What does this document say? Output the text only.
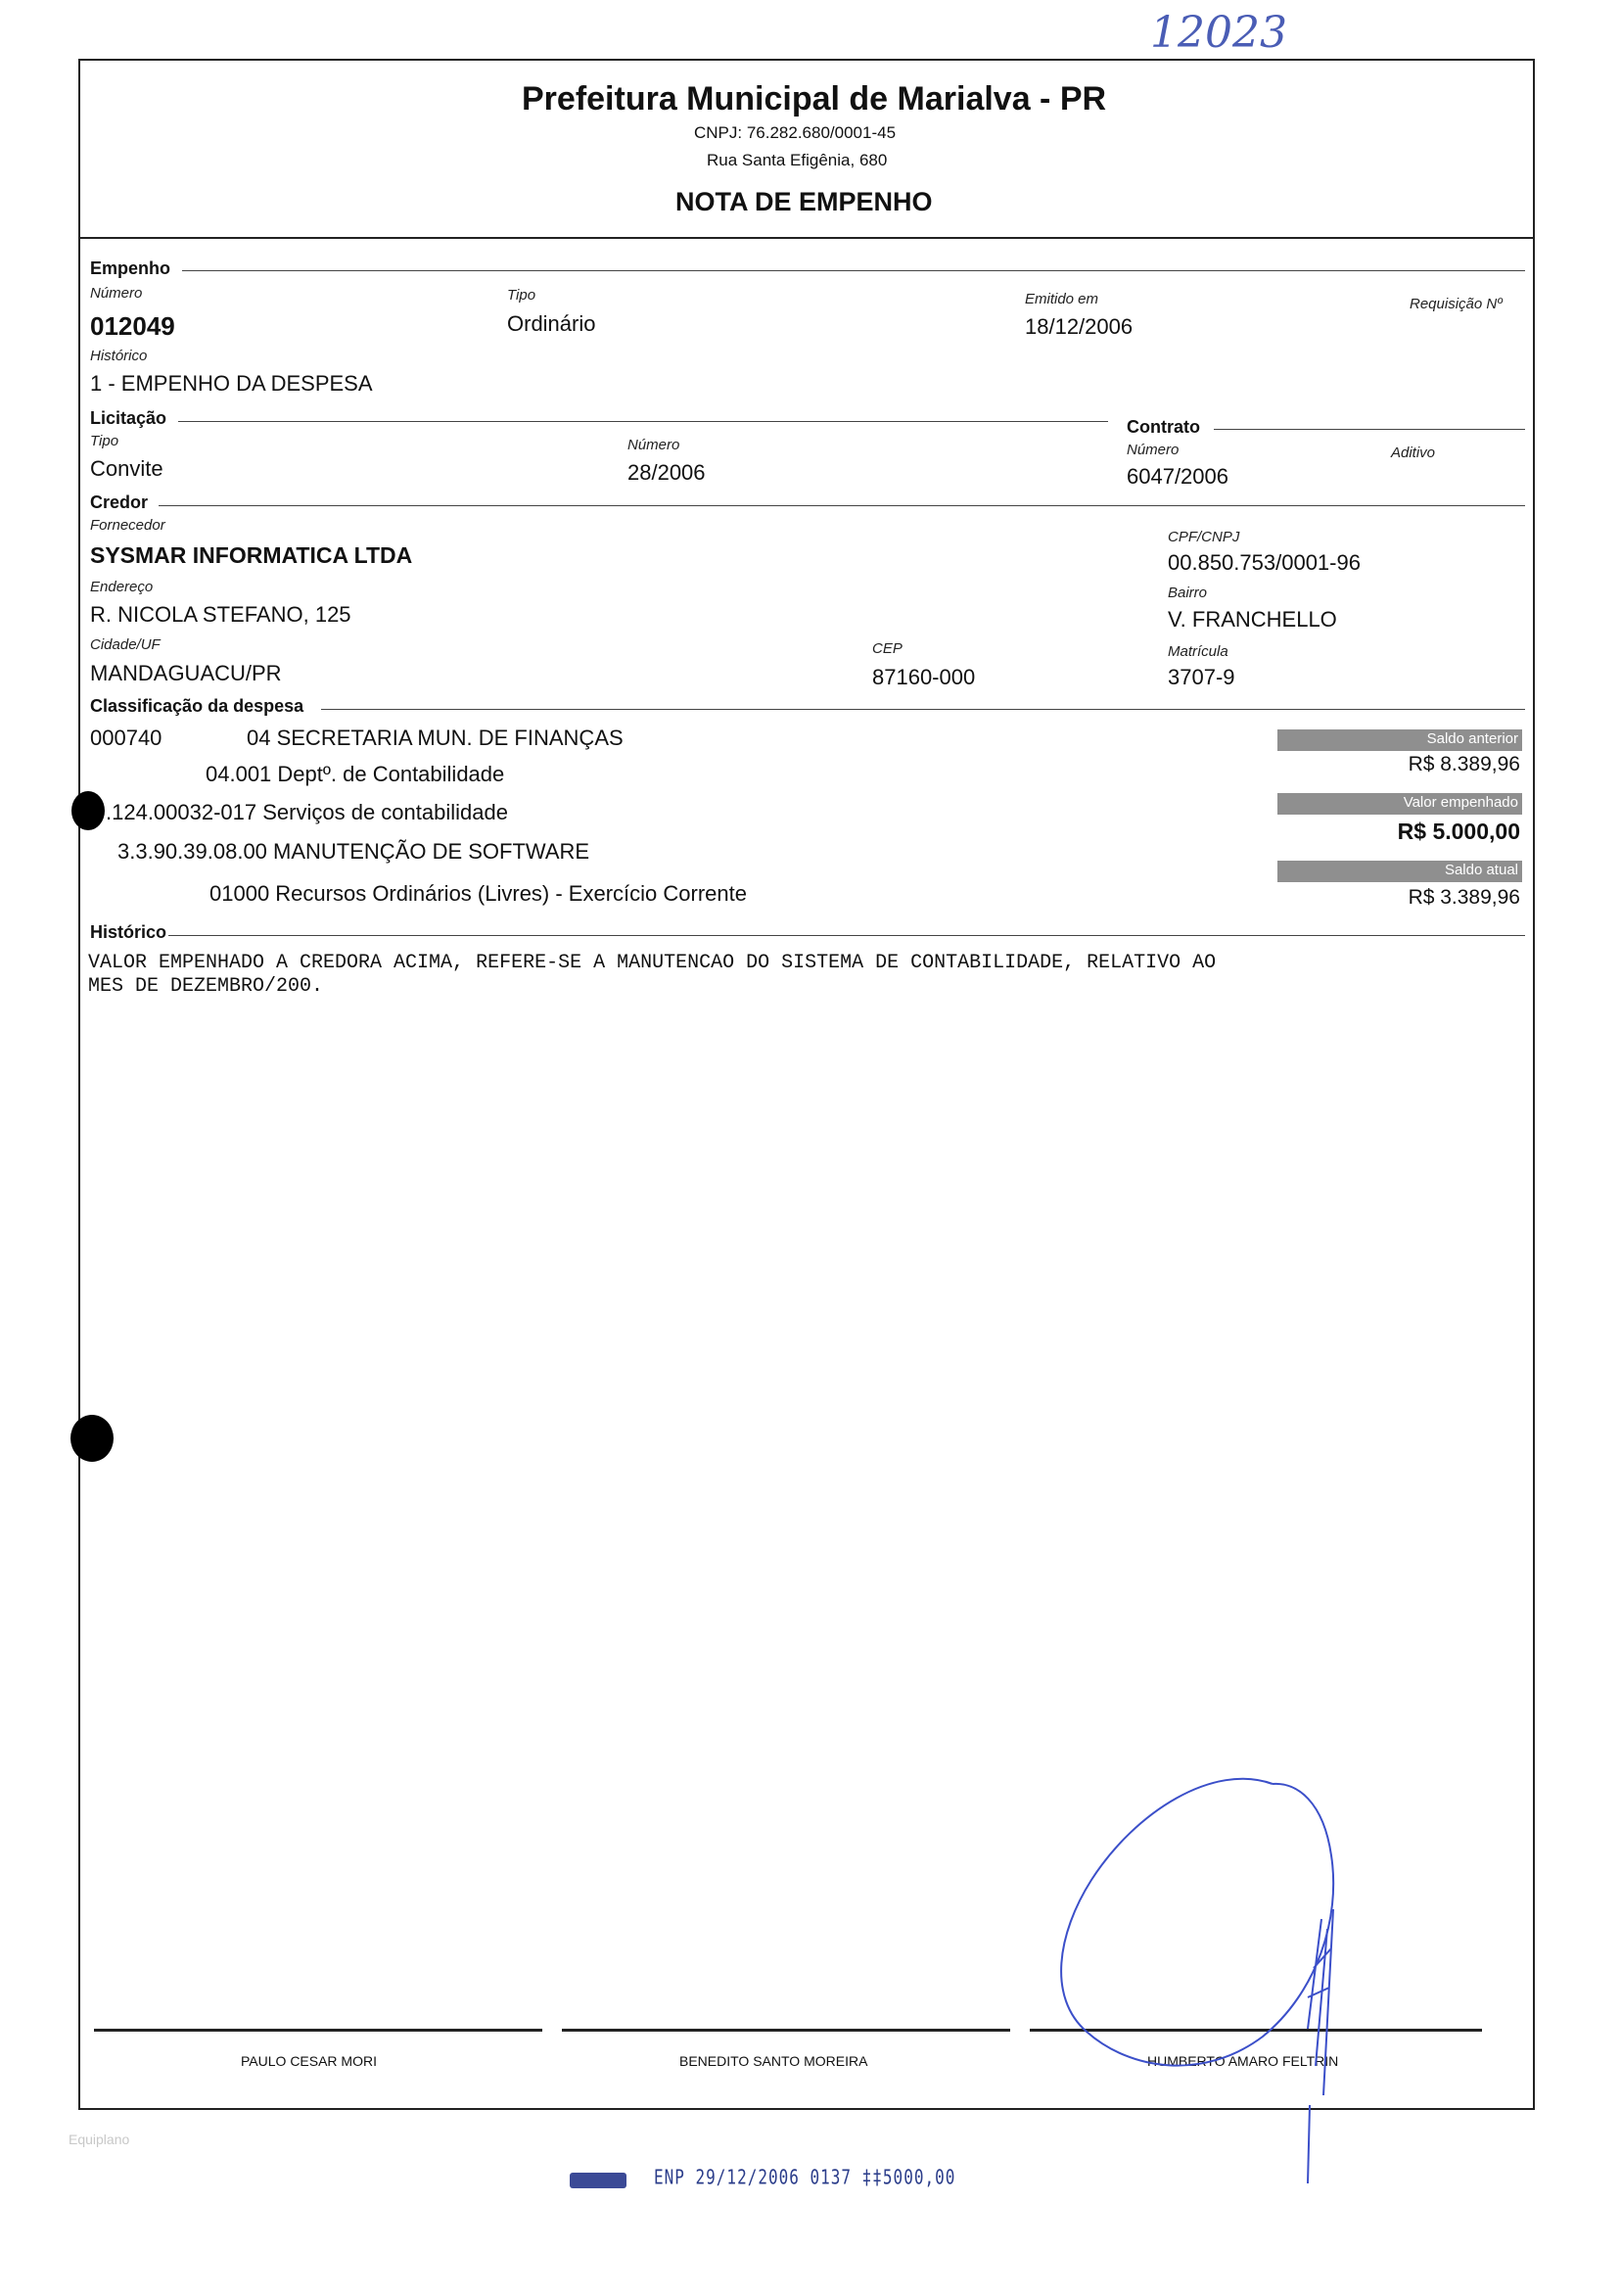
12023
Prefeitura Municipal de Marialva - PR
CNPJ: 76.282.680/0001-45
Rua Santa Efigênia, 680
NOTA DE EMPENHO
Empenho
Número
012049
Tipo
Ordinário
Emitido em
18/12/2006
Requisição Nº
Histórico
1 - EMPENHO DA DESPESA
Licitação
Tipo
Convite
Número
28/2006
Contrato
Número
6047/2006
Aditivo
Credor
Fornecedor
SYSMAR INFORMATICA LTDA
CPF/CNPJ
00.850.753/0001-96
Endereço
R. NICOLA STEFANO, 125
Bairro
V. FRANCHELLO
Cidade/UF
MANDAGUACU/PR
CEP
87160-000
Matrícula
3707-9
Classificação da despesa
000740	04 SECRETARIA MUN. DE FINANÇAS
04.001 Deptº. de Contabilidade
.124.00032-017 Serviços de contabilidade
3.3.90.39.08.00 MANUTENÇÃO DE SOFTWARE
01000 Recursos Ordinários (Livres) - Exercício Corrente
Saldo anterior
R$ 8.389,96
Valor empenhado
R$ 5.000,00
Saldo atual
R$ 3.389,96
Histórico
VALOR EMPENHADO A CREDORA ACIMA, REFERE-SE A MANUTENCAO DO SISTEMA DE CONTABILIDADE, RELATIVO AO
MES DE DEZEMBRO/200.
PAULO CESAR MORI	BENEDITO SANTO MOREIRA	HUMBERTO AMARO FELTRIN
Equiplano
ENP 29/12/2006 0137 ‡‡5000,00
